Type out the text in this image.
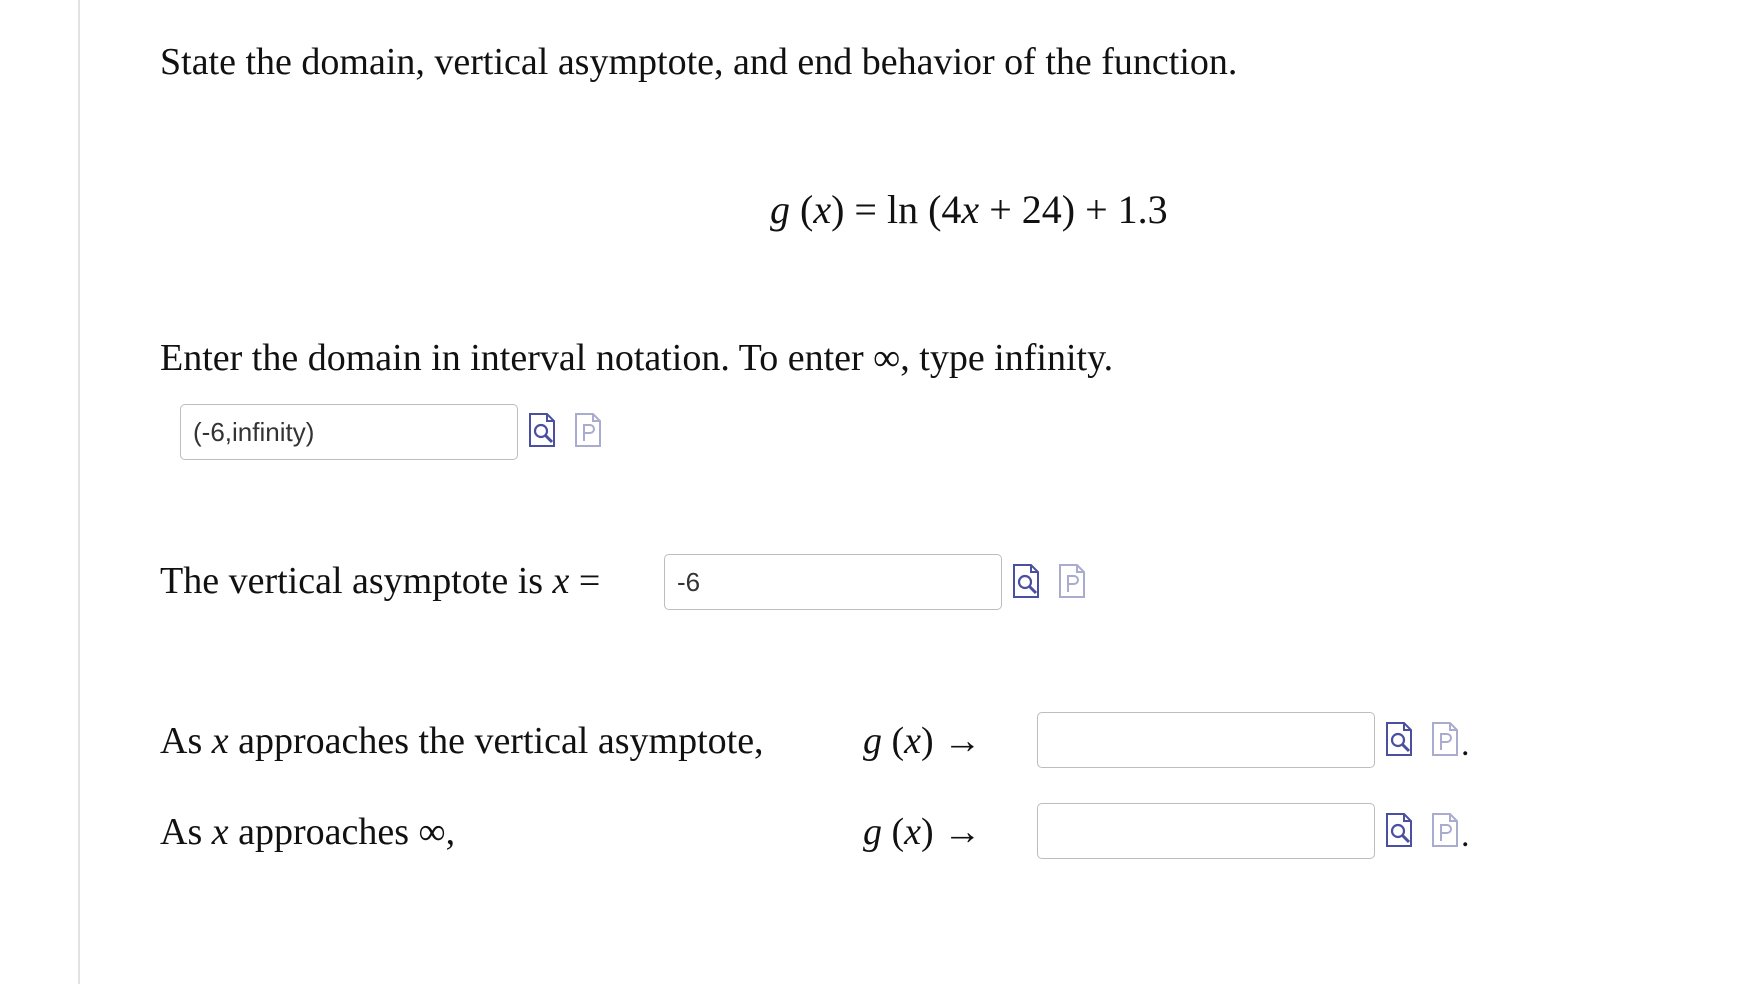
State the domain, vertical asymptote, and end behavior of the function.
g (x) = ln (4x + 24) + 1.3
Enter the domain in interval notation. To enter ∞, type infinity.
(-6,infinity)
The vertical asymptote is x =
-6
As x approaches the vertical asymptote,	g (x) →	.
As x approaches ∞,	g (x) →	.
